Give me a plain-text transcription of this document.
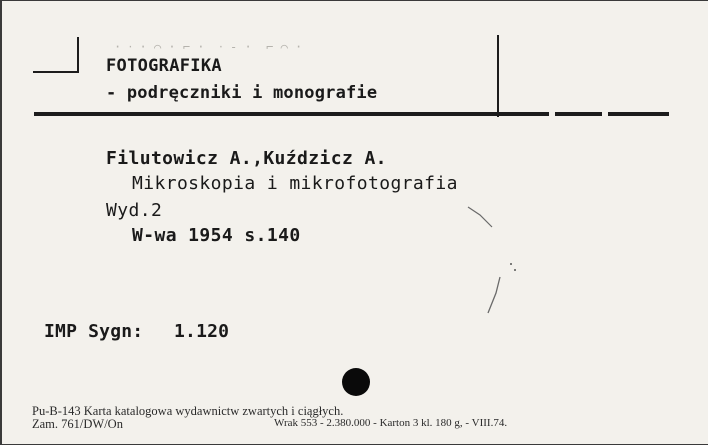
· ‧ · ⌒ · ⌐ ·  ‧ ‐ ·  ⌐ ⌒ ·
FOTOGRAFIKA
- podręczniki i monografie
Filutowicz A.,Kuździcz A.
Mikroskopia i mikrofotografia
Wyd.2
W-wa 1954 s.140
IMP Sygn: 1.120
Pu-B-143 Karta katalogowa wydawnictw zwartych i ciągłych.
Zam. 761/DW/On	Wrak 553 - 2.380.000 - Karton 3 kl. 180 g, - VIII.74.
